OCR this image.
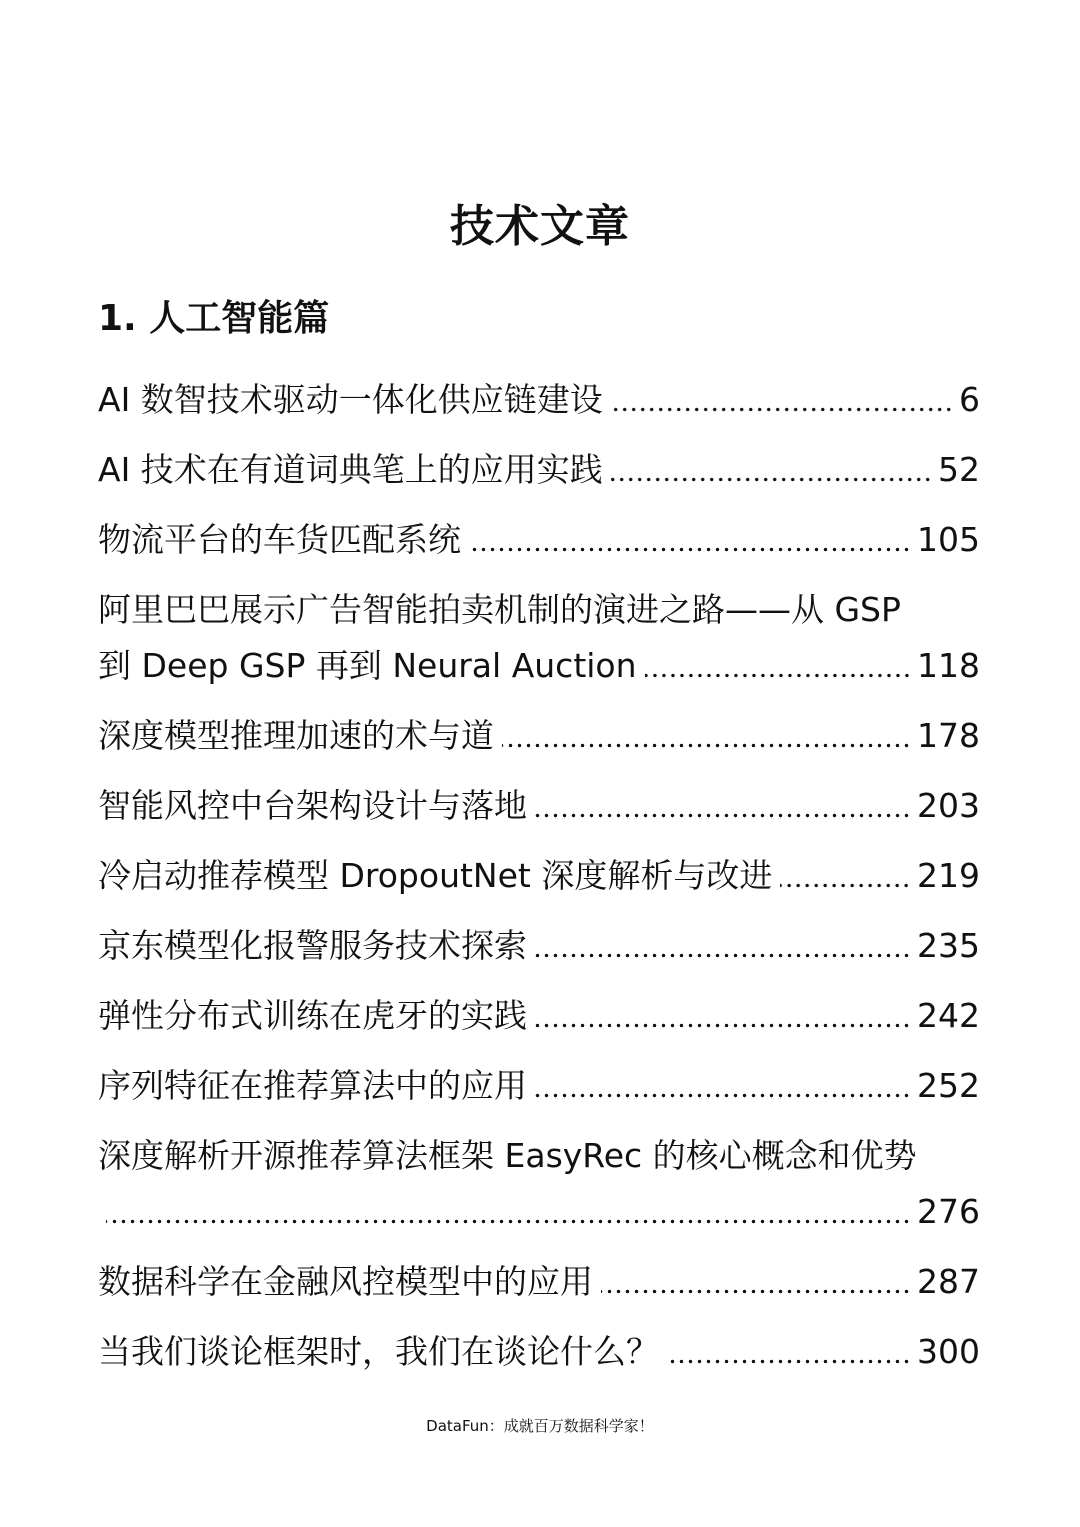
技术文章
1. 人工智能篇
AI 数智技术驱动一体化供应链建设	6
AI 技术在有道词典笔上的应用实践	52
物流平台的车货匹配系统	105
阿里巴巴展示广告智能拍卖机制的演进之路——从 GSP
到 Deep GSP 再到 Neural Auction	118
深度模型推理加速的术与道	178
智能风控中台架构设计与落地	203
冷启动推荐模型 DropoutNet 深度解析与改进	219
京东模型化报警服务技术探索	235
弹性分布式训练在虎牙的实践	242
序列特征在推荐算法中的应用	252
深度解析开源推荐算法框架 EasyRec 的核心概念和优势
276
数据科学在金融风控模型中的应用	287
当我们谈论框架时，我们在谈论什么？	300
DataFun：成就百万数据科学家！
